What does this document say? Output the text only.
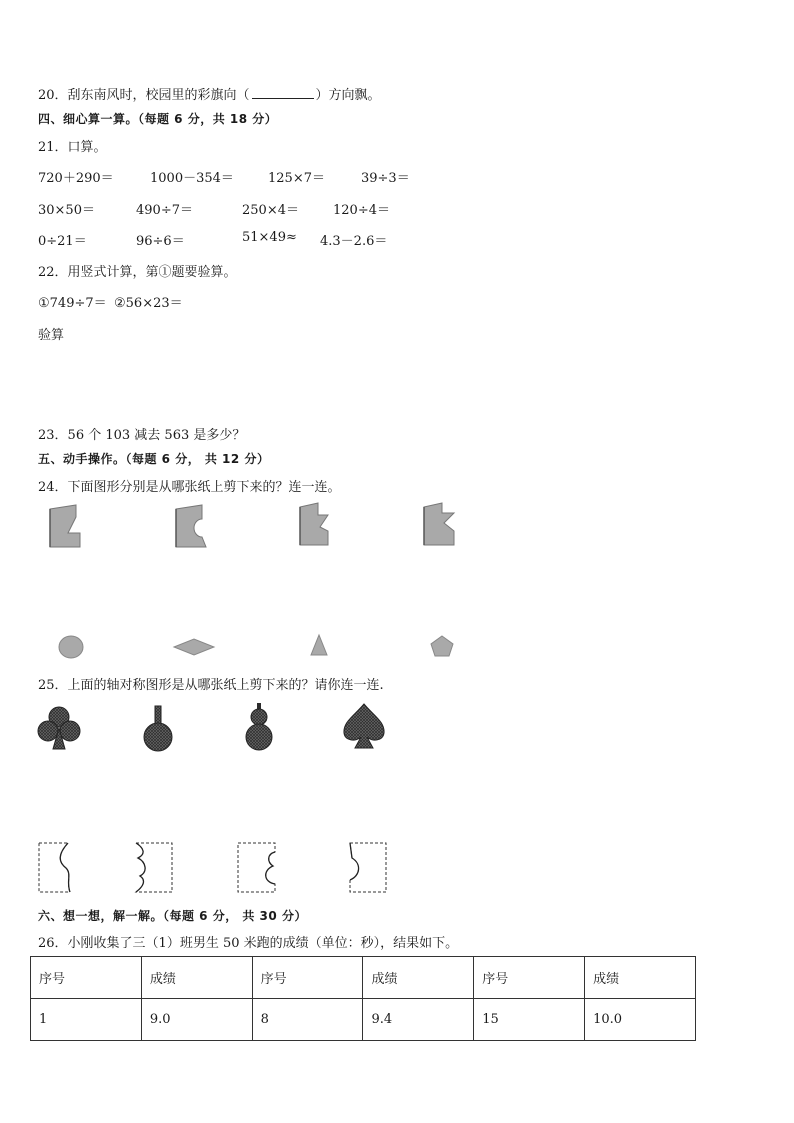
20．刮东南风时，校园里的彩旗向（	）方向飘。
四、细心算一算。（每题 6 分，共 18 分）
21．口算。
720＋290＝	1000－354＝	125×7＝	39÷3＝
30×50＝	490÷7＝	250×4＝	120÷4＝
0÷21＝	96÷6＝	51×49≈ 4.3－2.6＝
22．用竖式计算，第①题要验算。
①749÷7＝ ②56×23＝
验算
23．56 个 103 减去 563 是多少？
五、动手操作。（每题 6 分， 共 12 分）
24．下面图形分别是从哪张纸上剪下来的？连一连。
25．上面的轴对称图形是从哪张纸上剪下来的？请你连一连.
六、想一想，解一解。（每题 6 分， 共 30 分）
26．小刚收集了三（1）班男生 50 米跑的成绩（单位：秒），结果如下。
序号	成绩	序号	成绩	序号	成绩
1	9.0	8	9.4	15	10.0
